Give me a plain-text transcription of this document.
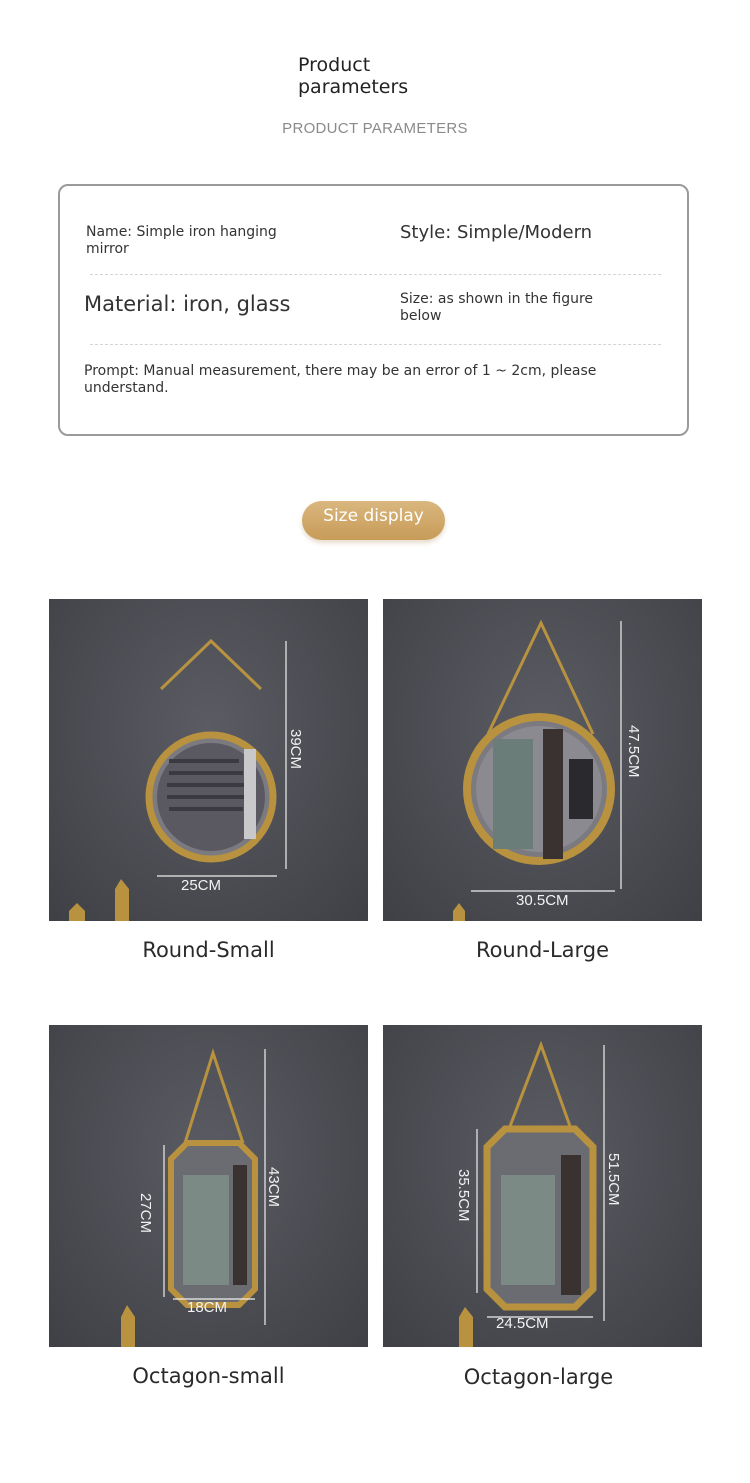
Product parameters
PRODUCT PARAMETERS
Name: Simple iron hanging mirror
Style: Simple/Modern
Material: iron, glass	Size: as shown in the figure below
Prompt: Manual measurement, there may be an error of 1 ~ 2cm, please understand.
Size display
39CM
25CM
Round-Small
47.5CM
30.5CM
Round-Large
43CM
27CM
18CM
Octagon-small
51.5CM
35.5CM
24.5CM
Octagon-large
